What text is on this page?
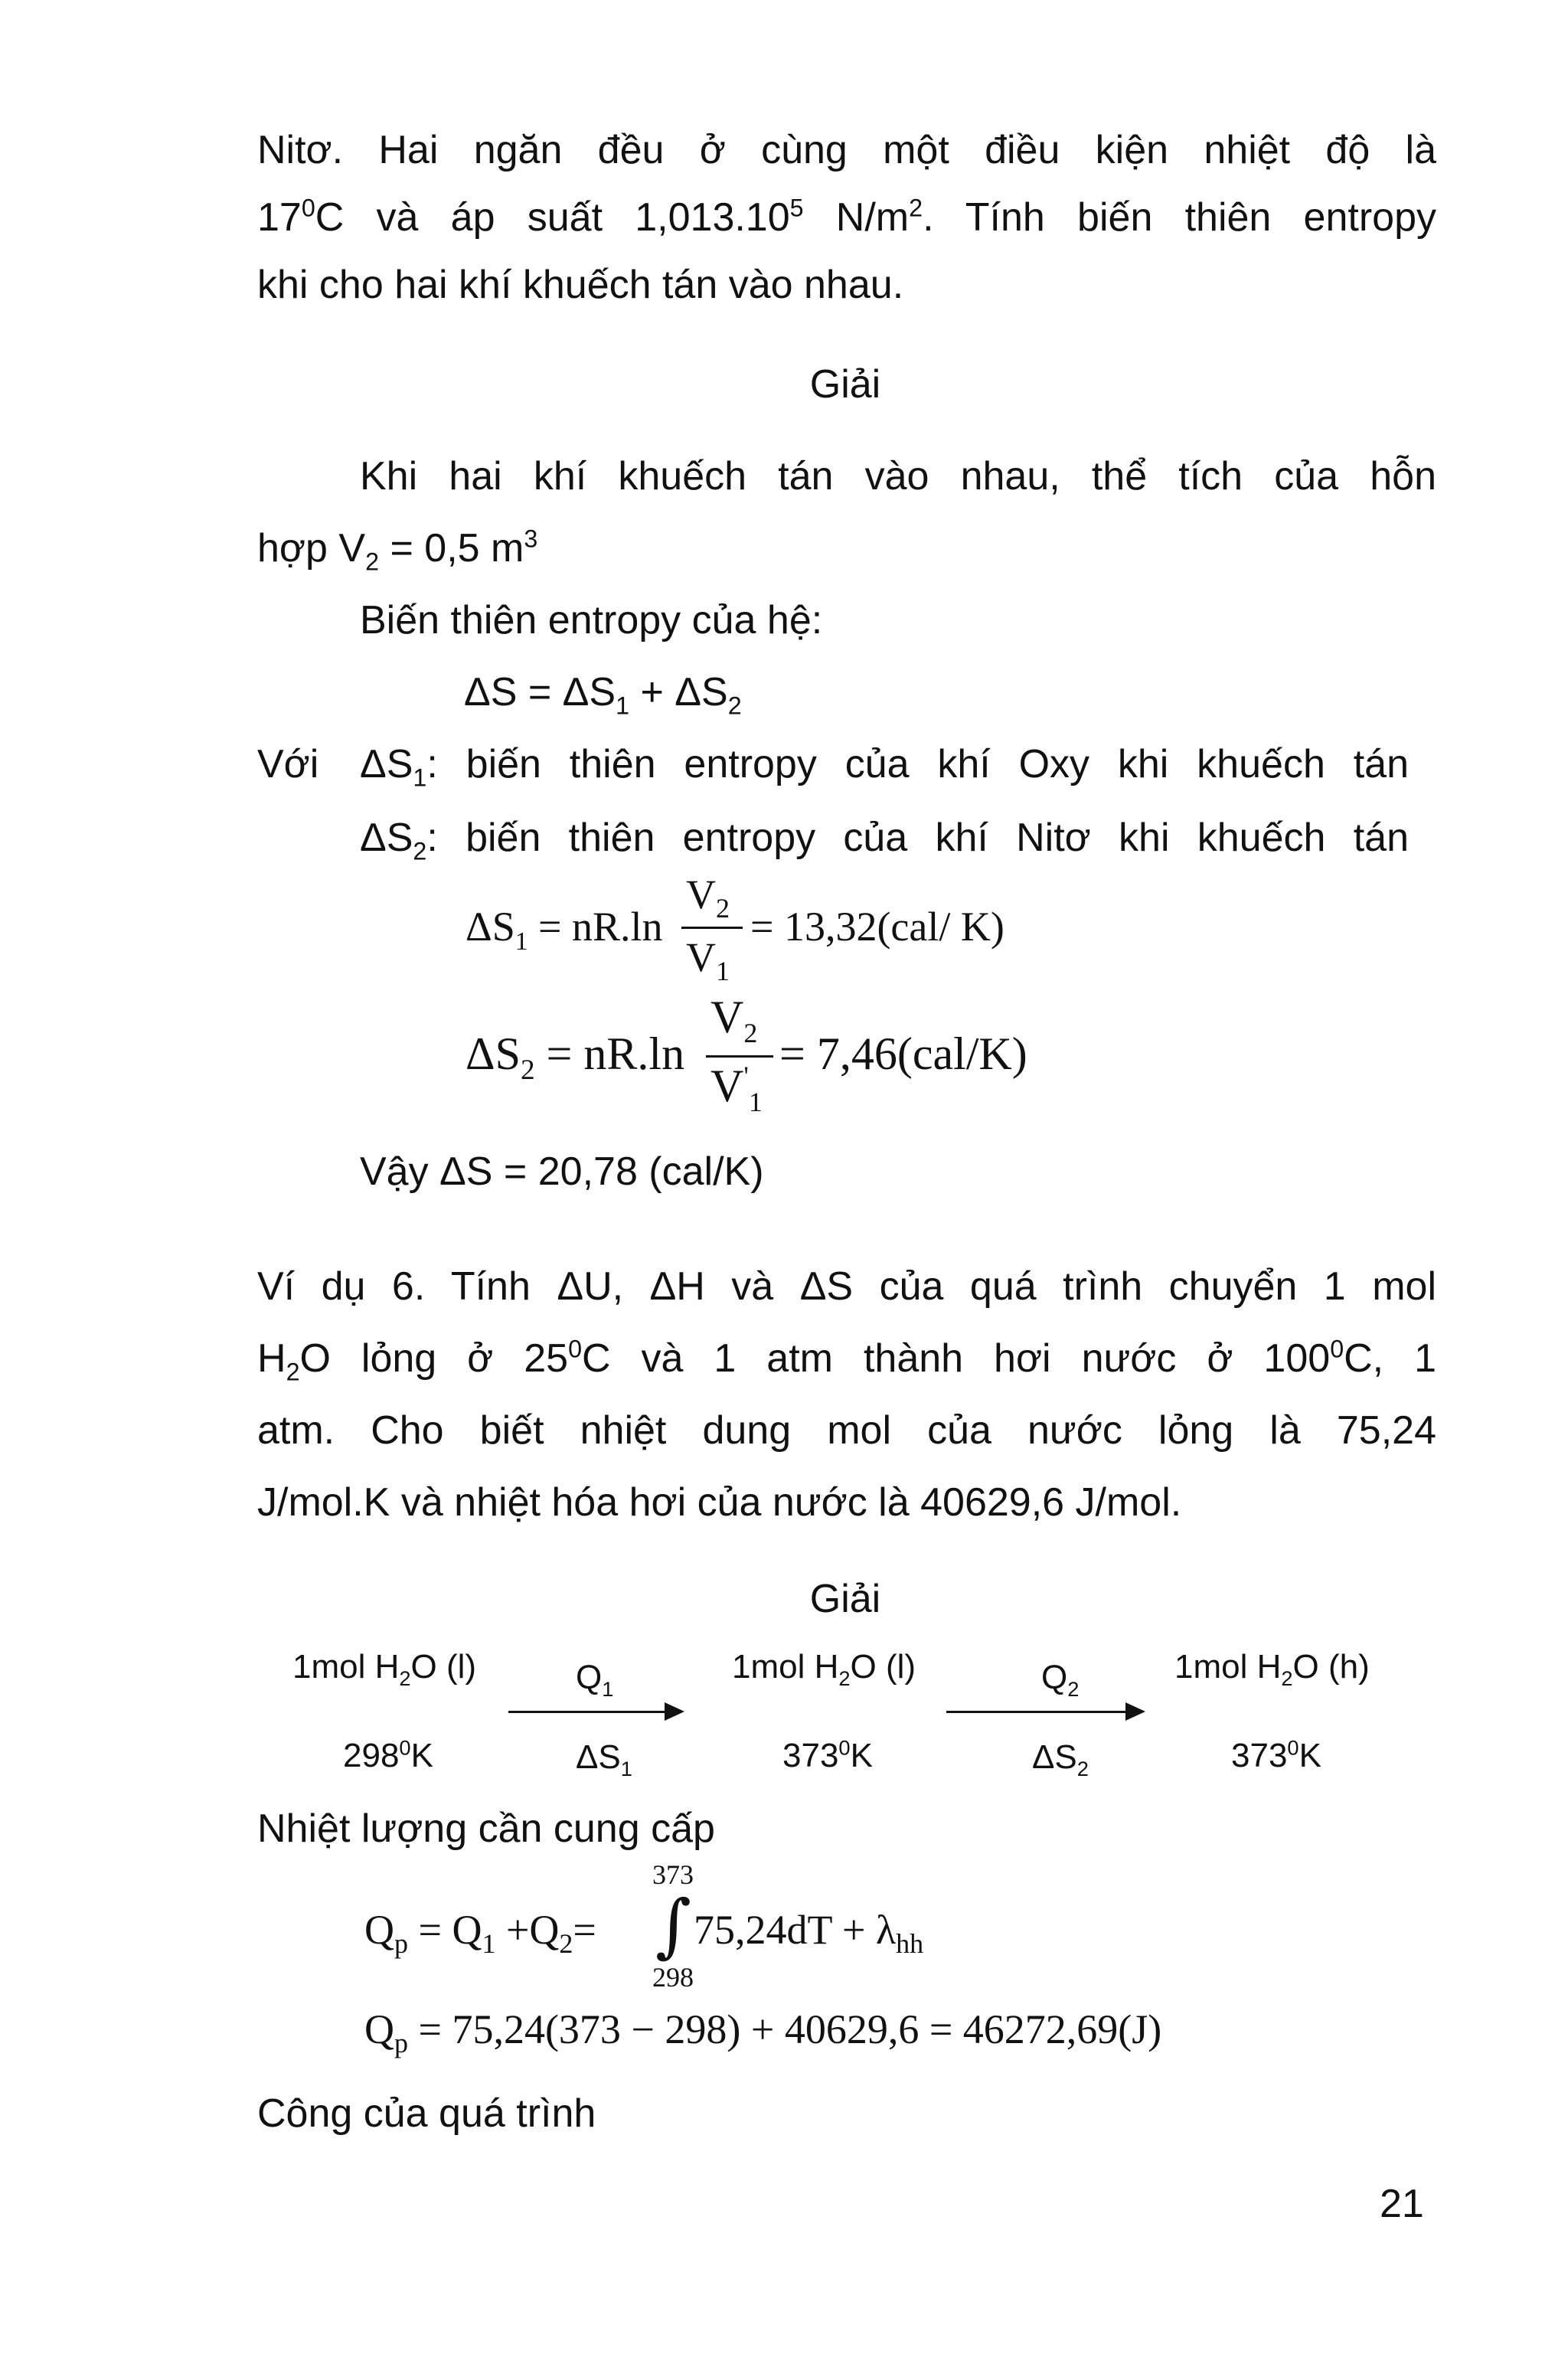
Nitơ. Hai ngăn đều ở cùng một điều kiện nhiệt độ là
$17^0C$ và áp suất 1,013.10$^5$ $N/m^2$. Tính biến thiên entropy
khi cho hai khí khuếch tán vào nhau.
Giải
Khi hai khí khuếch tán vào nhau, thể tích của hỗn
hợp $V_2 = 0,5$ $m^3$
Biến thiên entropy của hệ:
$\Delta S = \Delta S_1 + \Delta S_2$
Với $\Delta S_1$: biến thiên entropy của khí Oxy khi khuếch tán
$\Delta S_2$: biến thiên entropy của khí Nitơ khi khuếch tán
$\Delta S_1 = nR.\ln$
$V_2$
$V_1$
= 13,32(cal/ K)
$\Delta S_2 = nR.\ln$
$V_2$
$V'_1$
= 7,46(cal/K)
Vậy ΔS = 20,78 (cal/K)
Ví dụ 6. Tính ΔU, ΔH và ΔS của quá trình chuyển 1 mol
$H_2O$ lỏng ở $25^0C$ và 1 atm thành hơi nước ở $100^0C$, 1
atm. Cho biết nhiệt dung mol của nước lỏng là 75,24
J/mol.K và nhiệt hóa hơi của nước là 40629,6 J/mol.
Giải
1mol $H_2O$ (l)
$298^0K$
$Q_1$
$\Delta S_1$
1mol $H_2O$ (l)
$373^0K$
$Q_2$
$\Delta S_2$
1mol $H_2O$ (h)
$373^0K$
Nhiệt lượng cần cung cấp
$Q_p = Q_1 +Q_2=$
373
∫
298
$75,24dT + \lambda_{hh}$
$Q_p = 75,24(373 - 298) + 40629,6 = 46272,69(J)$
Công của quá trình
21
